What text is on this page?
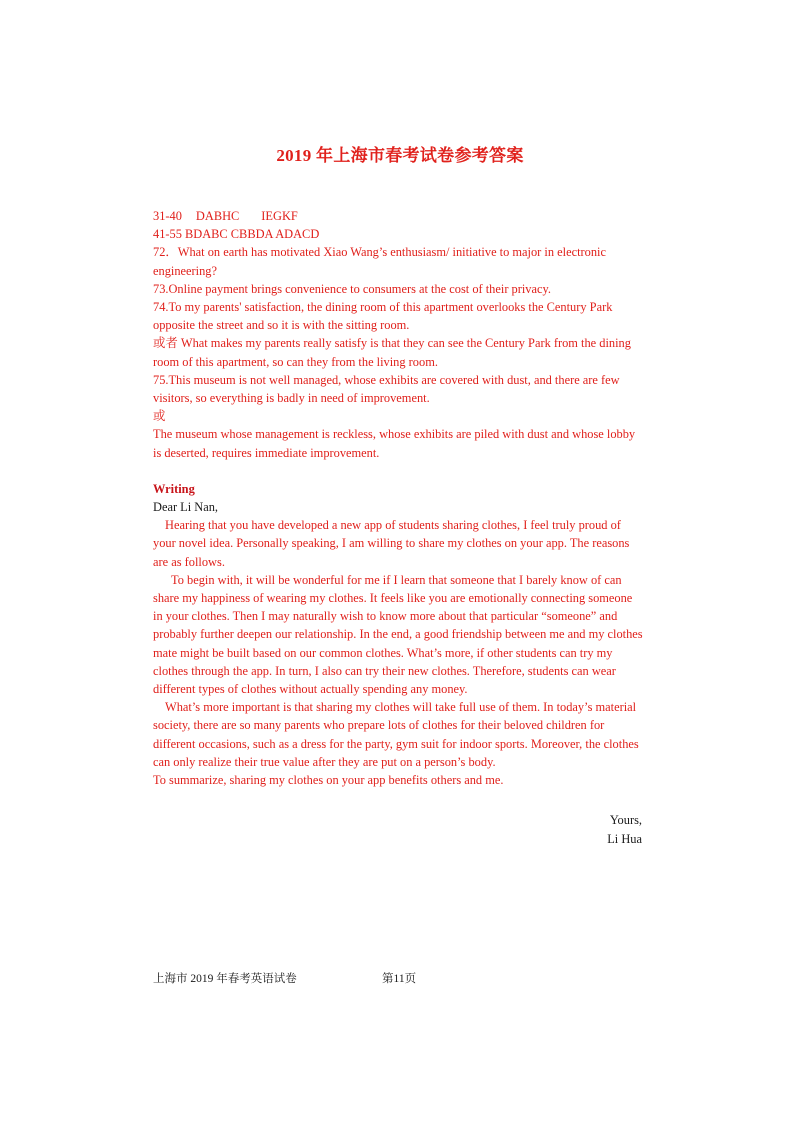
2019 年上海市春考试卷参考答案

31-40 DABHC IEGKF

41-55 BDABC CBBDA ADACD

72．What on earth has motivated Xiao Wang’s enthusiasm/ initiative to major in electronic engineering?

73.Online payment brings convenience to consumers at the cost of their privacy.

74.To my parents' satisfaction, the dining room of this apartment overlooks the Century Park opposite the street and so it is with the sitting room.

或者 What makes my parents really satisfy is that they can see the Century Park from the dining room of this apartment, so can they from the living room.

75.This museum is not well managed, whose exhibits are covered with dust, and there are few visitors, so everything is badly in need of improvement.

或

The museum whose management is reckless, whose exhibits are piled with dust and whose lobby is deserted, requires immediate improvement.

Writing

Dear Li Nan,

Hearing that you have developed a new app of students sharing clothes, I feel truly proud of your novel idea. Personally speaking, I am willing to share my clothes on your app. The reasons are as follows.

To begin with, it will be wonderful for me if I learn that someone that I barely know of can share my happiness of wearing my clothes. It feels like you are emotionally connecting someone in your clothes. Then I may naturally wish to know more about that particular “someone” and probably further deepen our relationship. In the end, a good friendship between me and my clothes mate might be built based on our common clothes. What’s more, if other students can try my clothes through the app. In turn, I also can try their new clothes. Therefore, students can wear different types of clothes without actually spending any money.

What’s more important is that sharing my clothes will take full use of them. In today’s material society, there are so many parents who prepare lots of clothes for their beloved children for different occasions, such as a dress for the party, gym suit for indoor sports. Moreover, the clothes can only realize their true value after they are put on a person’s body.

To summarize, sharing my clothes on your app benefits others and me.

Yours,
Li Hua
上海市 2019 年春考英语试卷	第11页
